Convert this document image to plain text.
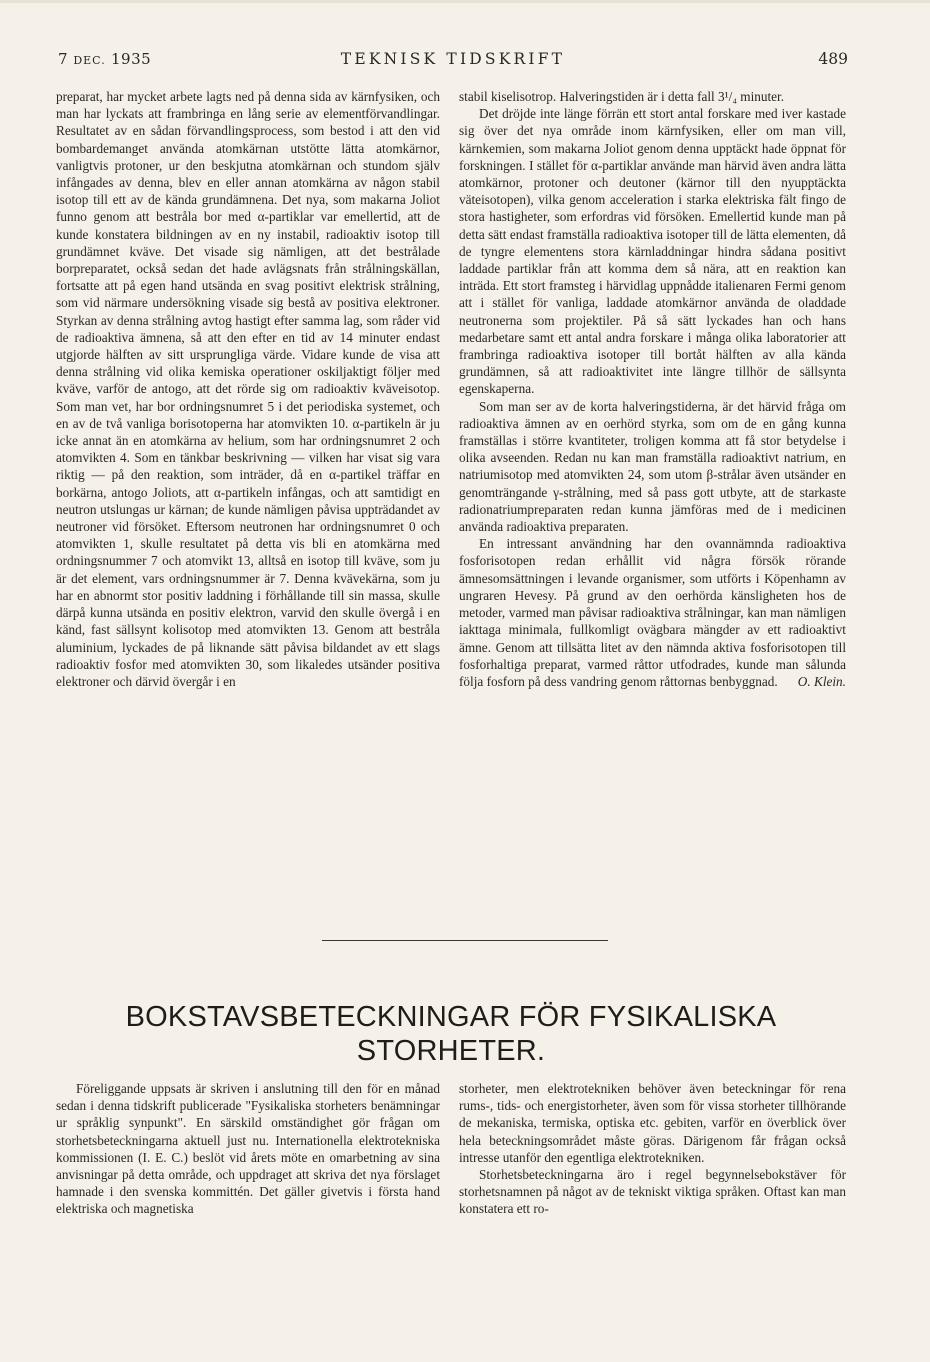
7 DEC. 1935	TEKNISK TIDSKRIFT	489

preparat, har mycket arbete lagts ned på denna sida av kärnfysiken, och man har lyckats att frambringa en lång serie av elementförvandlingar. Resultatet av en sådan förvandlingsprocess, som bestod i att den vid bombardemanget använda atomkärnan utstötte lätta atomkärnor, vanligtvis protoner, ur den beskjutna atomkärnan och stundom själv infångades av denna, blev en eller annan atomkärna av någon stabil isotop till ett av de kända grundämnena. Det nya, som makarna Joliot funno genom att bestråla bor med α-partiklar var emellertid, att de kunde konstatera bildningen av en ny instabil, radioaktiv isotop till grundämnet kväve. Det visade sig nämligen, att det bestrålade borpreparatet, också sedan det hade avlägsnats från strålningskällan, fortsatte att på egen hand utsända en svag positivt elektrisk strålning, som vid närmare undersökning visade sig bestå av positiva elektroner. Styrkan av denna strålning avtog hastigt efter samma lag, som råder vid de radioaktiva ämnena, så att den efter en tid av 14 minuter endast utgjorde hälften av sitt ursprungliga värde. Vidare kunde de visa att denna strålning vid olika kemiska operationer oskiljaktigt följer med kväve, varför de antogo, att det rörde sig om radioaktiv kväveisotop. Som man vet, har bor ordningsnumret 5 i det periodiska systemet, och en av de två vanliga borisotoperna har atomvikten 10. α-partikeln är ju icke annat än en atomkärna av helium, som har ordningsnumret 2 och atomvikten 4. Som en tänkbar beskrivning — vilken har visat sig vara riktig — på den reaktion, som inträder, då en α-partikel träffar en borkärna, antogo Joliots, att α-partikeln infångas, och att samtidigt en neutron utslungas ur kärnan; de kunde nämligen påvisa uppträdandet av neutroner vid försöket. Eftersom neutronen har ordningsnumret 0 och atomvikten 1, skulle resultatet på detta vis bli en atomkärna med ordningsnummer 7 och atomvikt 13, alltså en isotop till kväve, som ju är det element, vars ordningsnummer är 7. Denna kvävekärna, som ju har en abnormt stor positiv laddning i förhållande till sin massa, skulle därpå kunna utsända en positiv elektron, varvid den skulle övergå i en känd, fast sällsynt kolisotop med atomvikten 13. Genom att bestråla aluminium, lyckades de på liknande sätt påvisa bildandet av ett slags radioaktiv fosfor med atomvikten 30, som likaledes utsänder positiva elektroner och därvid övergår i en

stabil kiselisotrop. Halveringstiden är i detta fall 3¹/₄ minuter.

Det dröjde inte länge förrän ett stort antal forskare med iver kastade sig över det nya område inom kärnfysiken, eller om man vill, kärnkemien, som makarna Joliot genom denna upptäckt hade öppnat för forskningen. I stället för α-partiklar använde man härvid även andra lätta atomkärnor, protoner och deutoner (kärnor till den nyupptäckta väteisotopen), vilka genom acceleration i starka elektriska fält fingo de stora hastigheter, som erfordras vid försöken. Emellertid kunde man på detta sätt endast framställa radioaktiva isotoper till de lätta elementen, då de tyngre elementens stora kärnladdningar hindra sådana positivt laddade partiklar från att komma dem så nära, att en reaktion kan inträda. Ett stort framsteg i härvidlag uppnådde italienaren Fermi genom att i stället för vanliga, laddade atomkärnor använda de oladdade neutronerna som projektiler. På så sätt lyckades han och hans medarbetare samt ett antal andra forskare i många olika laboratorier att frambringa radioaktiva isotoper till bortåt hälften av alla kända grundämnen, så att radioaktivitet inte längre tillhör de sällsynta egenskaperna.

Som man ser av de korta halveringstiderna, är det härvid fråga om radioaktiva ämnen av en oerhörd styrka, som om de en gång kunna framställas i större kvantiteter, troligen komma att få stor betydelse i olika avseenden. Redan nu kan man framställa radioaktivt natrium, en natriumisotop med atomvikten 24, som utom β-strålar även utsänder en genomträngande γ-strålning, med så pass gott utbyte, att de starkaste radionatriumpreparaten redan kunna jämföras med de i medicinen använda radioaktiva preparaten.

En intressant användning har den ovannämnda radioaktiva fosforisotopen redan erhållit vid några försök rörande ämnesomsättningen i levande organismer, som utförts i Köpenhamn av ungraren Hevesy. På grund av den oerhörda känsligheten hos de metoder, varmed man påvisar radioaktiva strålningar, kan man nämligen iakttaga minimala, fullkomligt ovägbara mängder av ett radioaktivt ämne. Genom att tillsätta litet av den nämnda aktiva fosforisotopen till fosforhaltiga preparat, varmed råttor utfodrades, kunde man sålunda följa fosforn på dess vandring genom råttornas benbyggnad.	O. Klein.

BOKSTAVSBETECKNINGAR FÖR FYSIKALISKA STORHETER.

Föreliggande uppsats är skriven i anslutning till den för en månad sedan i denna tidskrift publicerade "Fysikaliska storheters benämningar ur språklig synpunkt". En särskild omständighet gör frågan om storhetsbeteckningarna aktuell just nu. Internationella elektrotekniska kommissionen (I. E. C.) beslöt vid årets möte en omarbetning av sina anvisningar på detta område, och uppdraget att skriva det nya förslaget hamnade i den svenska kommittén. Det gäller givetvis i första hand elektriska och magnetiska

storheter, men elektrotekniken behöver även beteckningar för rena rums-, tids- och energistorheter, även som för vissa storheter tillhörande de mekaniska, termiska, optiska etc. gebiten, varför en överblick över hela beteckningsområdet måste göras. Därigenom får frågan också intresse utanför den egentliga elektrotekniken.

Storhetsbeteckningarna äro i regel begynnelsebokstäver för storhetsnamnen på något av de tekniskt viktiga språken. Oftast kan man konstatera ett ro-
